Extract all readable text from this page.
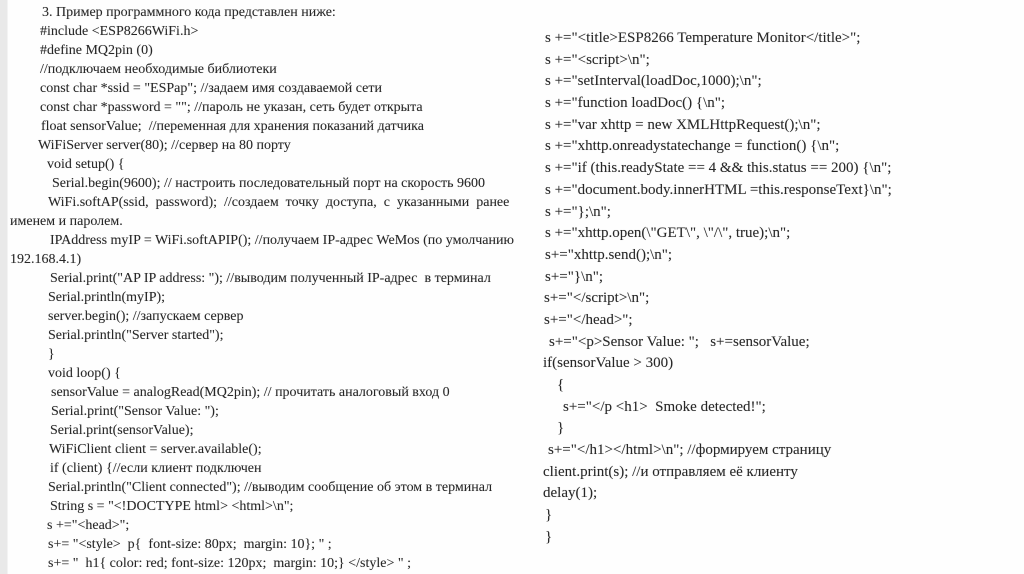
3. Пример программного кода представлен ниже:
#include <ESP8266WiFi.h>
#define MQ2pin (0)
//подключаем необходимые библиотеки
const char *ssid = "ESPap"; //задаем имя создаваемой сети
const char *password = ""; //пароль не указан, сеть будет открыта
float sensorValue;  //переменная для хранения показаний датчика
WiFiServer server(80); //сервер на 80 порту
void setup() {
Serial.begin(9600); // настроить последовательный порт на скорость 9600
WiFi.softAP(ssid,  password);  //создаем  точку  доступа,  с  указанными  ранее
именем и паролем.
IPAddress myIP = WiFi.softAPIP(); //получаем IP-адрес WeMos (по умолчанию
192.168.4.1)
Serial.print("AP IP address: "); //выводим полученный IP-адрес  в терминал
Serial.println(myIP);
server.begin(); //запускаем сервер
Serial.println("Server started");
}
void loop() {
sensorValue = analogRead(MQ2pin); // прочитать аналоговый вход 0
Serial.print("Sensor Value: ");
Serial.print(sensorValue);
WiFiClient client = server.available();
if (client) {//если клиент подключен
Serial.println("Client connected"); //выводим сообщение об этом в терминал
String s = "<!DOCTYPE html> <html>\n";
s +="<head>";
s+= "<style>  p{  font-size: 80px;  margin: 10}; " ;
s+= "  h1{ color: red; font-size: 120px;  margin: 10;} </style> " ;
s +="<title>ESP8266 Temperature Monitor</title>";
s +="<script>\n";
s +="setInterval(loadDoc,1000);\n";
s +="function loadDoc() {\n";
s +="var xhttp = new XMLHttpRequest();\n";
s +="xhttp.onreadystatechange = function() {\n";
s +="if (this.readyState == 4 && this.status == 200) {\n";
s +="document.body.innerHTML =this.responseText}\n";
s +="};\n";
s +="xhttp.open(\"GET\", \"/\", true);\n";
s+="xhttp.send();\n";
s+="}\n";
s+="</script>\n";
s+="</head>";
s+="<p>Sensor Value: ";   s+=sensorValue;
if(sensorValue > 300)
{
s+="</p <h1>  Smoke detected!";
}
s+="</h1></html>\n"; //формируем страницу
client.print(s); //и отправляем её клиенту
delay(1);
}
}
